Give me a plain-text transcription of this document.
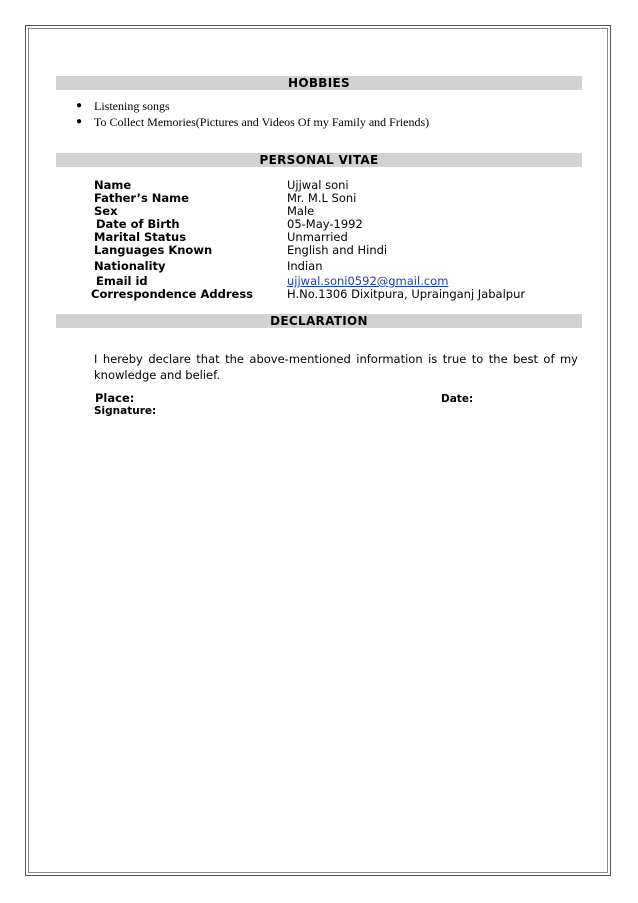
HOBBIES
● Listening songs
● To Collect Memories(Pictures and Videos Of my Family and Friends)
PERSONAL VITAE
Name	Ujjwal soni
Father’s Name	Mr. M.L Soni
Sex	Male
Date of Birth	05-May-1992
Marital Status	Unmarried
Languages Known	English and Hindi
Nationality	Indian
Email id	ujjwal.soni0592@gmail.com
Correspondence Address	H.No.1306 Dixitpura, Uprainganj Jabalpur
DECLARATION
I hereby declare that the above-mentioned information is true to the best of my knowledge and belief.
Place:	Date:
Signature:
